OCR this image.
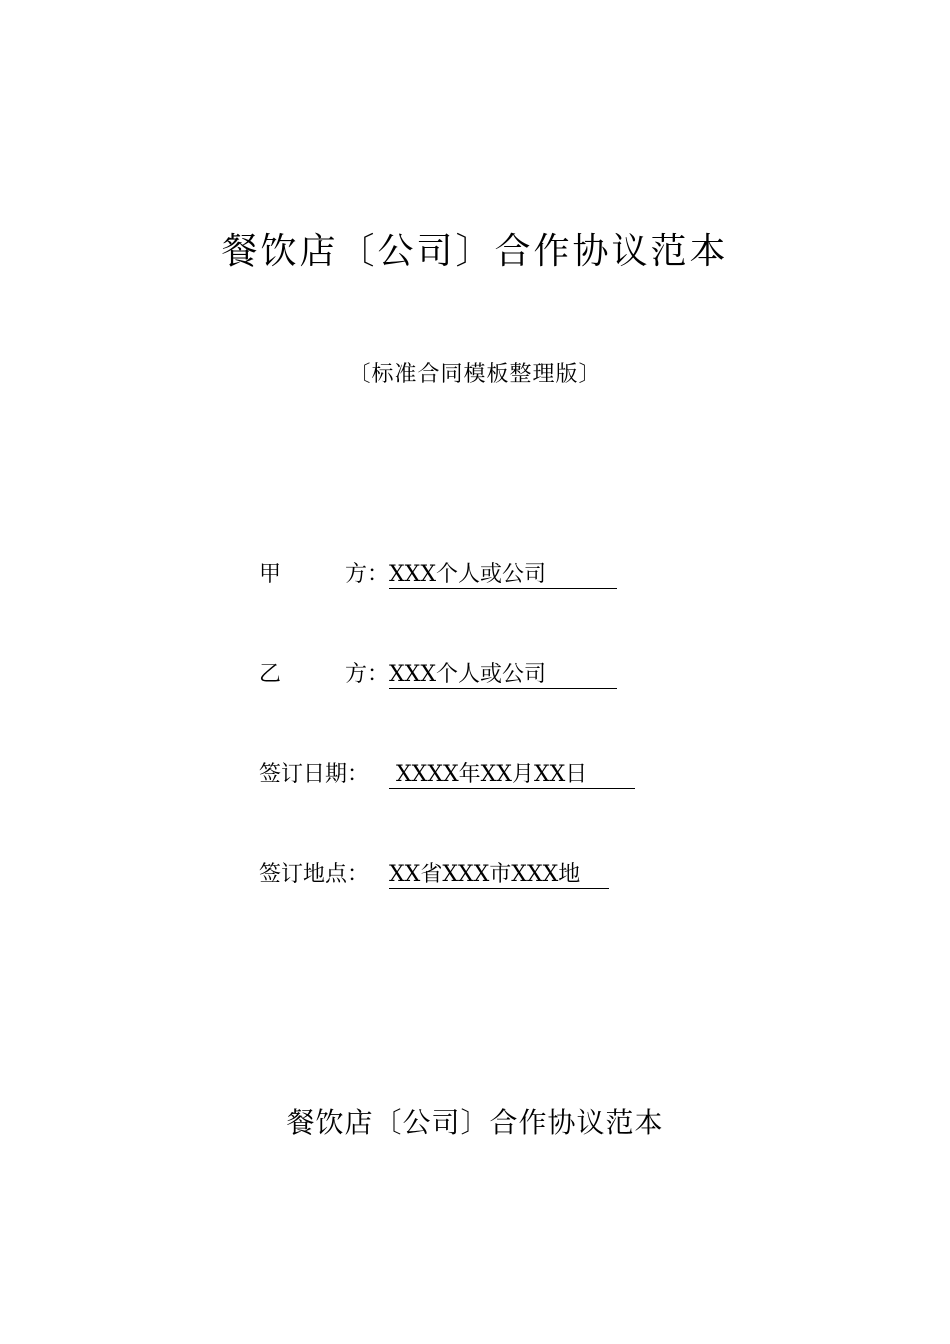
餐饮店〔公司〕合作协议范本
〔标准合同模板整理版〕
甲	方： XXX个人或公司
乙	方： XXX个人或公司
签订日期： XXXX年XX月XX日
签订地点： XX省XXX市XXX地
餐饮店〔公司〕合作协议范本
